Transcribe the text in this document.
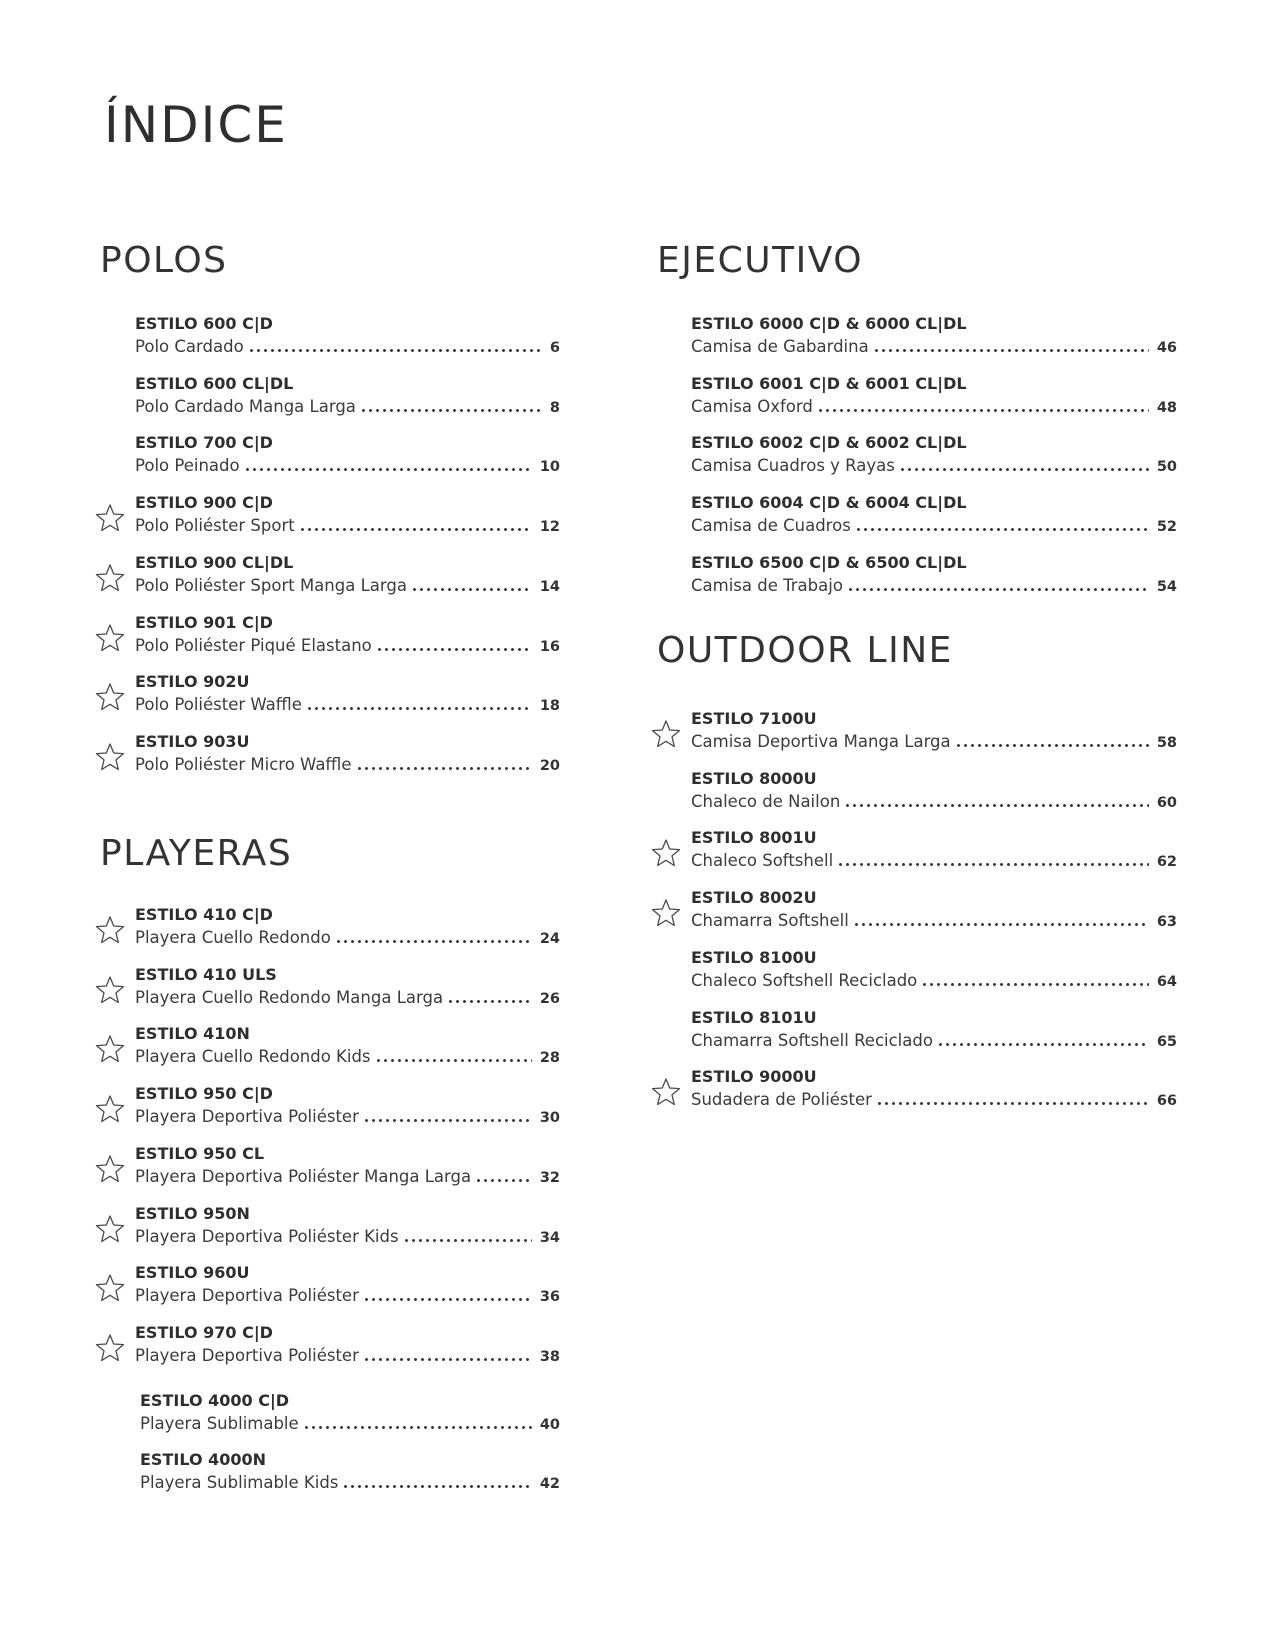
ÍNDICE
POLOS
ESTILO 600 C|D
Polo Cardado	6
ESTILO 600 CL|DL
Polo Cardado Manga Larga	8
ESTILO 700 C|D
Polo Peinado	10
ESTILO 900 C|D
Polo Poliéster Sport	12
ESTILO 900 CL|DL
Polo Poliéster Sport Manga Larga	14
ESTILO 901 C|D
Polo Poliéster Piqué Elastano	16
ESTILO 902U
Polo Poliéster Waffle	18
ESTILO 903U
Polo Poliéster Micro Waffle	20
PLAYERAS
ESTILO 410 C|D
Playera Cuello Redondo	24
ESTILO 410 ULS
Playera Cuello Redondo Manga Larga	26
ESTILO 410N
Playera Cuello Redondo Kids	28
ESTILO 950 C|D
Playera Deportiva Poliéster	30
ESTILO 950 CL
Playera Deportiva Poliéster Manga Larga	32
ESTILO 950N
Playera Deportiva Poliéster Kids	34
ESTILO 960U
Playera Deportiva Poliéster	36
ESTILO 970 C|D
Playera Deportiva Poliéster	38
ESTILO 4000 C|D
Playera Sublimable	40
ESTILO 4000N
Playera Sublimable Kids	42
EJECUTIVO
ESTILO 6000 C|D & 6000 CL|DL
Camisa de Gabardina	46
ESTILO 6001 C|D & 6001 CL|DL
Camisa Oxford	48
ESTILO 6002 C|D & 6002 CL|DL
Camisa Cuadros y Rayas	50
ESTILO 6004 C|D & 6004 CL|DL
Camisa de Cuadros	52
ESTILO 6500 C|D & 6500 CL|DL
Camisa de Trabajo	54
OUTDOOR LINE
ESTILO 7100U
Camisa Deportiva Manga Larga	58
ESTILO 8000U
Chaleco de Nailon	60
ESTILO 8001U
Chaleco Softshell	62
ESTILO 8002U
Chamarra Softshell	63
ESTILO 8100U
Chaleco Softshell Reciclado	64
ESTILO 8101U
Chamarra Softshell Reciclado	65
ESTILO 9000U
Sudadera de Poliéster	66
